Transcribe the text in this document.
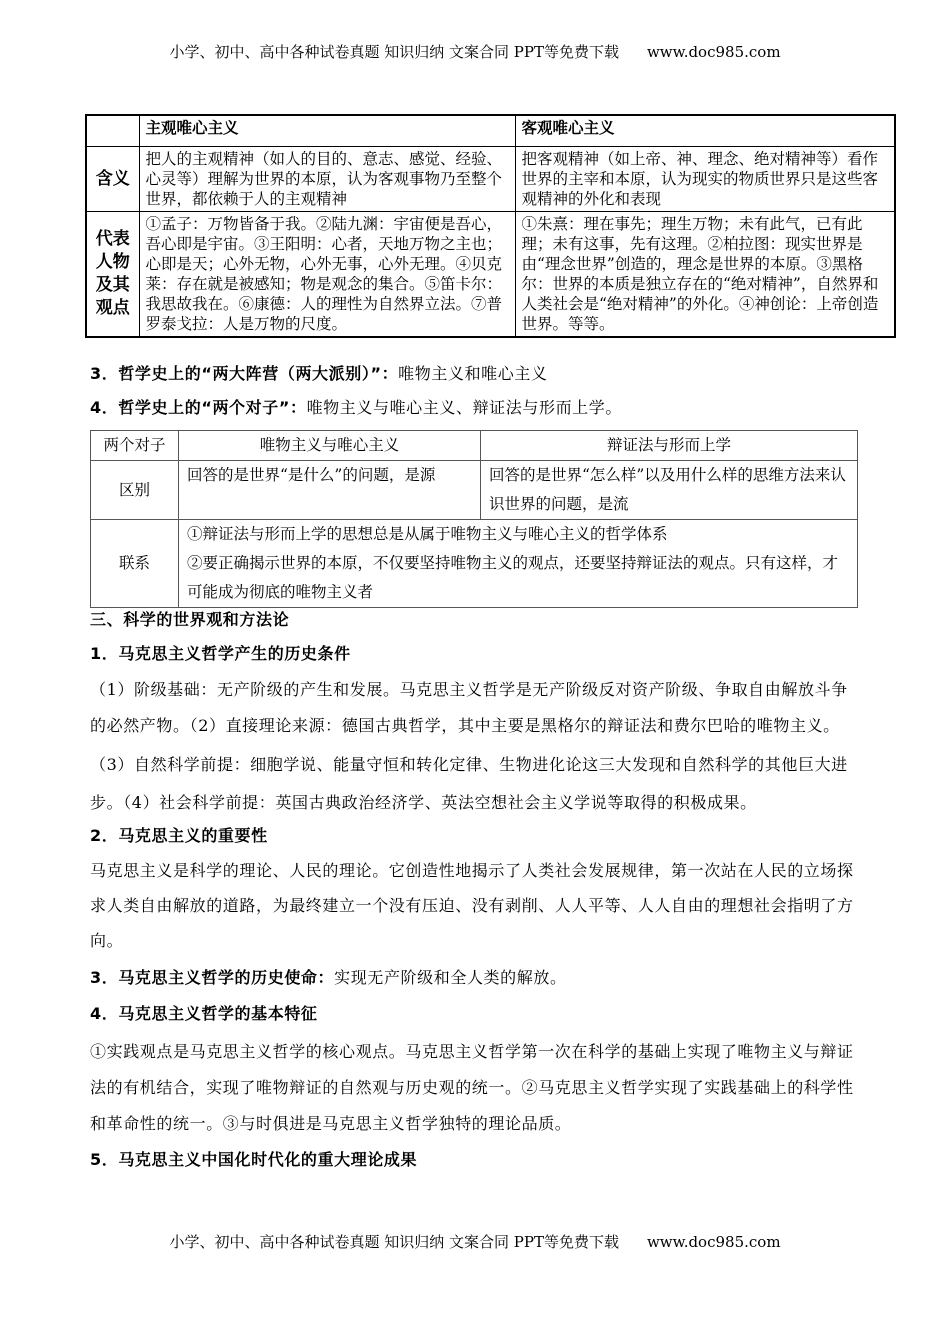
小学、初中、高中各种试卷真题 知识归纳 文案合同 PPT等免费下载 www.doc985.com
	主观唯心主义	客观唯心主义
含义	把人的主观精神（如人的目的、意志、感觉、经验、心灵等）理解为世界的本原，认为客观事物乃至整个世界，都依赖于人的主观精神	把客观精神（如上帝、神、理念、绝对精神等）看作世界的主宰和本原，认为现实的物质世界只是这些客观精神的外化和表现
代表人物及其观点	①孟子：万物皆备于我。②陆九渊：宇宙便是吾心，吾心即是宇宙。③王阳明：心者，天地万物之主也；心即是天；心外无物，心外无事，心外无理。④贝克莱：存在就是被感知；物是观念的集合。⑤笛卡尔：我思故我在。⑥康德：人的理性为自然界立法。⑦普罗泰戈拉：人是万物的尺度。	①朱熹：理在事先；理生万物；未有此气，已有此理；未有这事，先有这理。②柏拉图：现实世界是由“理念世界”创造的，理念是世界的本原。③黑格尔：世界的本质是独立存在的“绝对精神”，自然界和人类社会是“绝对精神”的外化。④神创论：上帝创造世界。等等。
3．哲学史上的“两大阵营（两大派别）”：唯物主义和唯心主义
4．哲学史上的“两个对子”：唯物主义与唯心主义、辩证法与形而上学。
两个对子	唯物主义与唯心主义	辩证法与形而上学
区别	回答的是世界“是什么”的问题，是源	回答的是世界“怎么样”以及用什么样的思维方法来认识世界的问题，是流
联系	①辩证法与形而上学的思想总是从属于唯物主义与唯心主义的哲学体系
②要正确揭示世界的本原，不仅要坚持唯物主义的观点，还要坚持辩证法的观点。只有这样，才可能成为彻底的唯物主义者	
三、科学的世界观和方法论
1．马克思主义哲学产生的历史条件
（1）阶级基础：无产阶级的产生和发展。马克思主义哲学是无产阶级反对资产阶级、争取自由解放斗争的必然产物。（2）直接理论来源：德国古典哲学，其中主要是黑格尔的辩证法和费尔巴哈的唯物主义。
（3）自然科学前提：细胞学说、能量守恒和转化定律、生物进化论这三大发现和自然科学的其他巨大进步。（4）社会科学前提：英国古典政治经济学、英法空想社会主义学说等取得的积极成果。
2．马克思主义的重要性
马克思主义是科学的理论、人民的理论。它创造性地揭示了人类社会发展规律，第一次站在人民的立场探求人类自由解放的道路，为最终建立一个没有压迫、没有剥削、人人平等、人人自由的理想社会指明了方向。
3．马克思主义哲学的历史使命：实现无产阶级和全人类的解放。
4．马克思主义哲学的基本特征
①实践观点是马克思主义哲学的核心观点。马克思主义哲学第一次在科学的基础上实现了唯物主义与辩证法的有机结合，实现了唯物辩证的自然观与历史观的统一。②马克思主义哲学实现了实践基础上的科学性和革命性的统一。③与时俱进是马克思主义哲学独特的理论品质。
5．马克思主义中国化时代化的重大理论成果
小学、初中、高中各种试卷真题 知识归纳 文案合同 PPT等免费下载 www.doc985.com
